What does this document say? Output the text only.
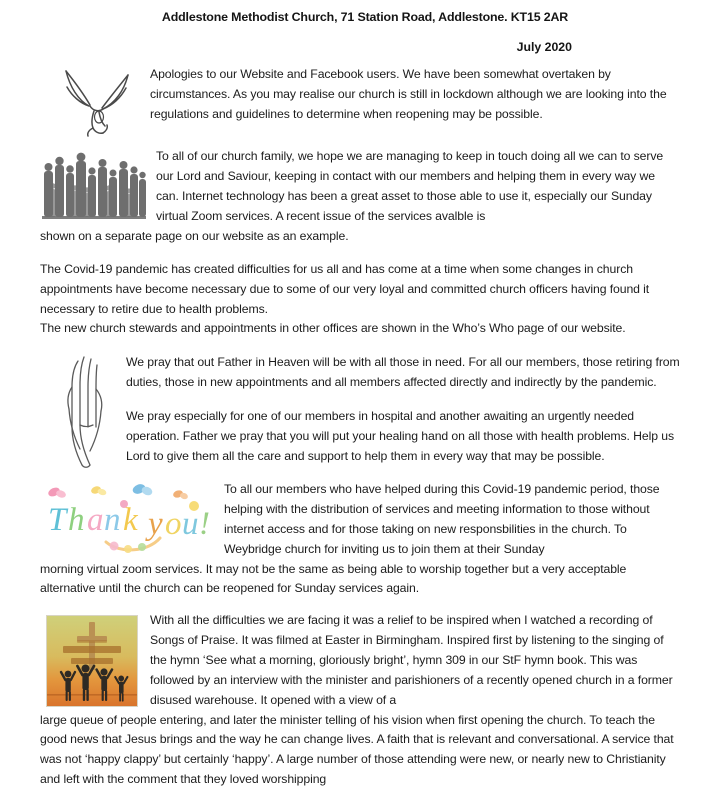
Addlestone Methodist Church, 71 Station Road, Addlestone. KT15 2AR
July 2020

Apologies to our Website and Facebook users. We have been somewhat overtaken by circumstances. As you may realise our church is still in lockdown although we are looking into the regulations and guidelines to determine when reopening may be possible.

To all of our church family, we hope we are managing to keep in touch doing all we can to serve our Lord and Saviour, keeping in contact with our members and helping them in every way we can. Internet technology has been a great asset to those able to use it, especially our Sunday virtual Zoom services. A recent issue of the services avalble is

shown on a separate page on our website as an example.

The Covid-19 pandemic has created difficulties for us all and has come at a time when some changes in church appointments have become necessary due to some of our very loyal and committed church officers having found it necessary to retire due to health problems.

The new church stewards and appointments in other offices are shown in the Who’s Who page of our website.

We pray that out Father in Heaven will be with all those in need. For all our members, those retiring from duties, those in new appointments and all members affected directly and indirectly by the pandemic.

We pray especially for one of our members in hospital and another awaiting an urgently needed operation. Father we pray that you will put your healing hand on all those with health problems. Help us Lord to give them all the care and support to help them in every way that may be possible.

T h a n k y o u !

To all our members who have helped during this Covid-19 pandemic period, those helping with the distribution of services and meeting information to those without internet access and for those taking on new responsbilities in the church. To Weybridge church for inviting us to join them at their Sunday

morning virtual zoom services. It may not be the same as being able to worship together but a very acceptable alternative until the church can be reopened for Sunday services again.

With all the difficulties we are facing it was a relief to be inspired when I watched a recording of Songs of Praise. It was filmed at Easter in Birmingham. Inspired first by listening to the singing of the hymn ‘See what a morning, gloriously bright’, hymn 309 in our StF hymn book. This was followed by an interview with the minister and parishioners of a recently opened church in a former disused warehouse. It opened with a view of a

large queue of people entering, and later the minister telling of his vision when first opening the church. To teach the good news that Jesus brings and the way he can change lives. A faith that is relevant and conversational. A service that was not ‘happy clappy’ but certainly ‘happy’. A large number of those attending were new, or nearly new to Christianity and left with the comment that they loved worshipping
